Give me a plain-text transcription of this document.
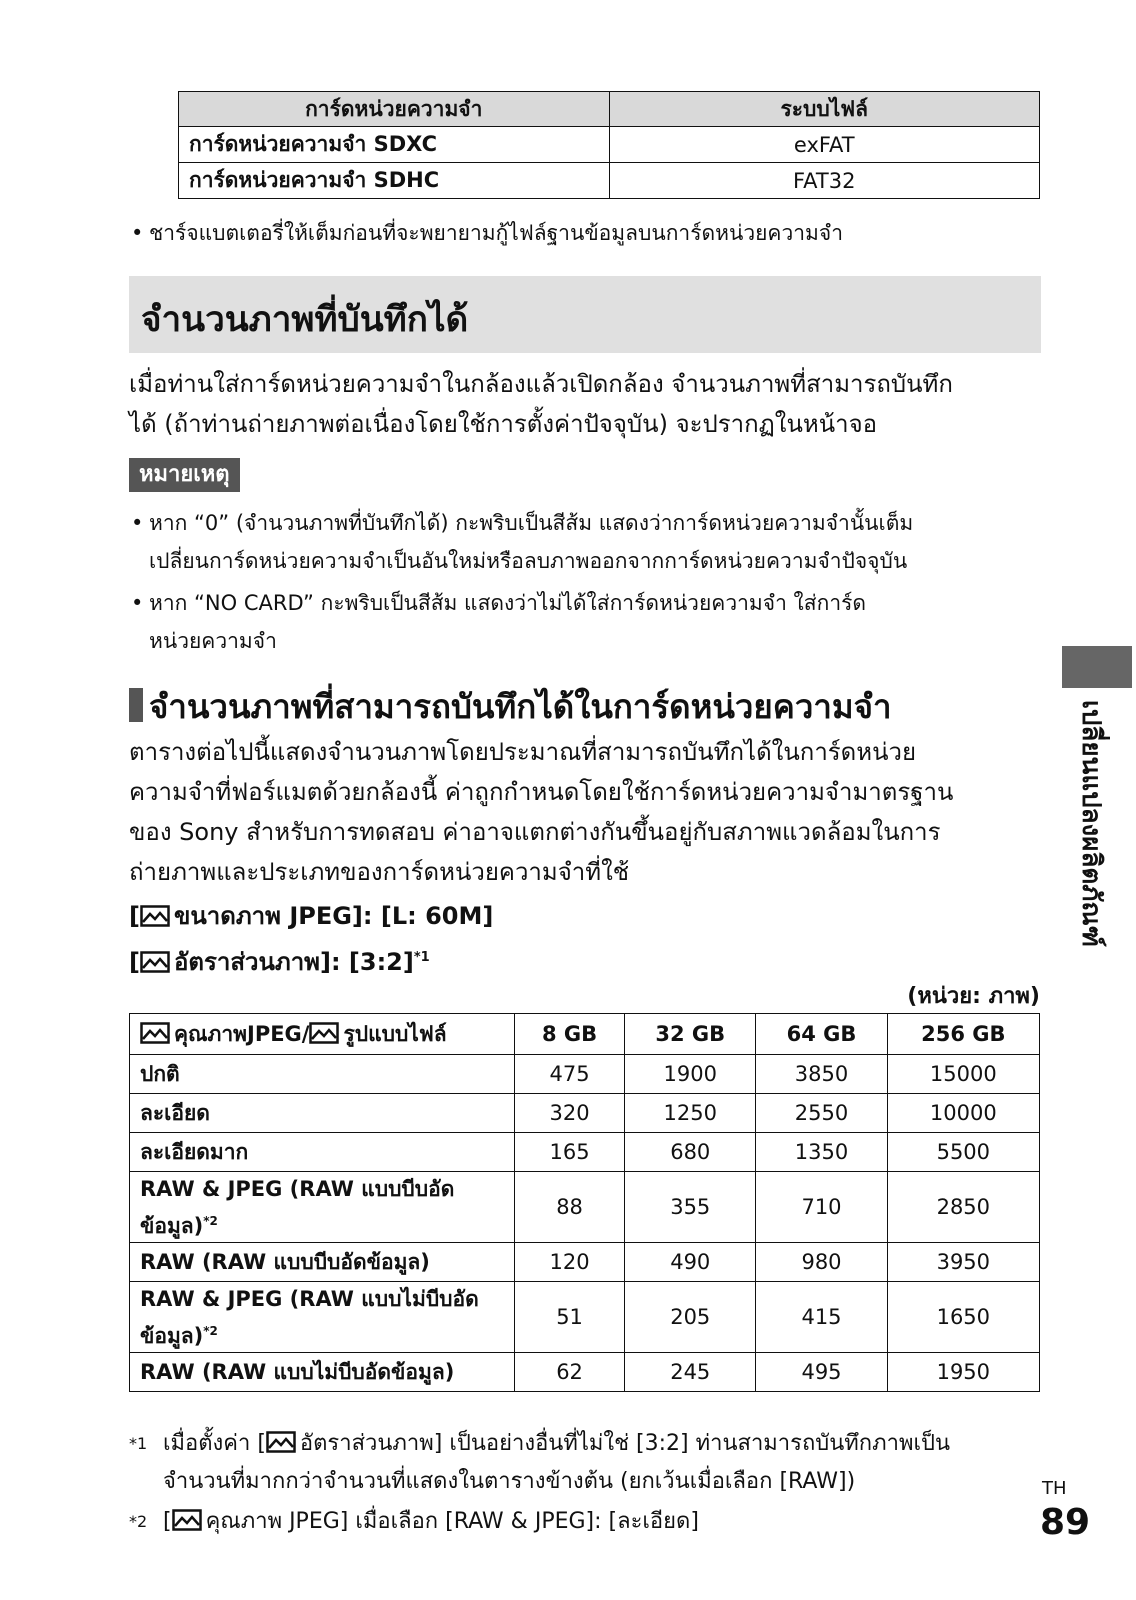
การ์ดหน่วยความจำ	ระบบไฟล์
การ์ดหน่วยความจำ SDXC	exFAT
การ์ดหน่วยความจำ SDHC	FAT32
• ชาร์จแบตเตอรี่ให้เต็มก่อนที่จะพยายามกู้ไฟล์ฐานข้อมูลบนการ์ดหน่วยความจำ
จำนวนภาพที่บันทึกได้
เมื่อท่านใส่การ์ดหน่วยความจำในกล้องแล้วเปิดกล้อง จำนวนภาพที่สามารถบันทึก
ได้ (ถ้าท่านถ่ายภาพต่อเนื่องโดยใช้การตั้งค่าปัจจุบัน) จะปรากฏในหน้าจอ
หมายเหตุ
• หาก “0” (จำนวนภาพที่บันทึกได้) กะพริบเป็นสีส้ม แสดงว่าการ์ดหน่วยความจำนั้นเต็ม
เปลี่ยนการ์ดหน่วยความจำเป็นอันใหม่หรือลบภาพออกจากการ์ดหน่วยความจำปัจจุบัน
• หาก “NO CARD” กะพริบเป็นสีส้ม แสดงว่าไม่ได้ใส่การ์ดหน่วยความจำ ใส่การ์ด
หน่วยความจำ
จำนวนภาพที่สามารถบันทึกได้ในการ์ดหน่วยความจำ
ตารางต่อไปนี้แสดงจำนวนภาพโดยประมาณที่สามารถบันทึกได้ในการ์ดหน่วย
ความจำที่ฟอร์แมตด้วยกล้องนี้ ค่าถูกกำหนดโดยใช้การ์ดหน่วยความจำมาตรฐาน
ของ Sony สำหรับการทดสอบ ค่าอาจแตกต่างกันขึ้นอยู่กับสภาพแวดล้อมในการ
ถ่ายภาพและประเภทของการ์ดหน่วยความจำที่ใช้
[ ขนาดภาพ JPEG]: [L: 60M]
[ อัตราส่วนภาพ]: [3:2]$^{*1}$
(หน่วย: ภาพ)
คุณภาพJPEG/ รูปแบบไฟล์	8 GB	32 GB	64 GB	256 GB
ปกติ	475	1900	3850	15000
ละเอียด	320	1250	2550	10000
ละเอียดมาก	165	680	1350	5500
RAW & JPEG (RAW แบบบีบอัดข้อมูล)$^{*2}$	88	355	710	2850
RAW (RAW แบบบีบอัดข้อมูล)	120	490	980	3950
RAW & JPEG (RAW แบบไม่บีบอัดข้อมูล)$^{*2}$	51	205	415	1650
RAW (RAW แบบไม่บีบอัดข้อมูล)	62	245	495	1950
*1 เมื่อตั้งค่า [ อัตราส่วนภาพ] เป็นอย่างอื่นที่ไม่ใช่ [3:2] ท่านสามารถบันทึกภาพเป็น
จำนวนที่มากกว่าจำนวนที่แสดงในตารางข้างต้น (ยกเว้นเมื่อเลือก [RAW])
*2 [ คุณภาพ JPEG] เมื่อเลือก [RAW & JPEG]: [ละเอียด]
เปลี่ยนแปลงผลิตภัณฑ์
TH
89
